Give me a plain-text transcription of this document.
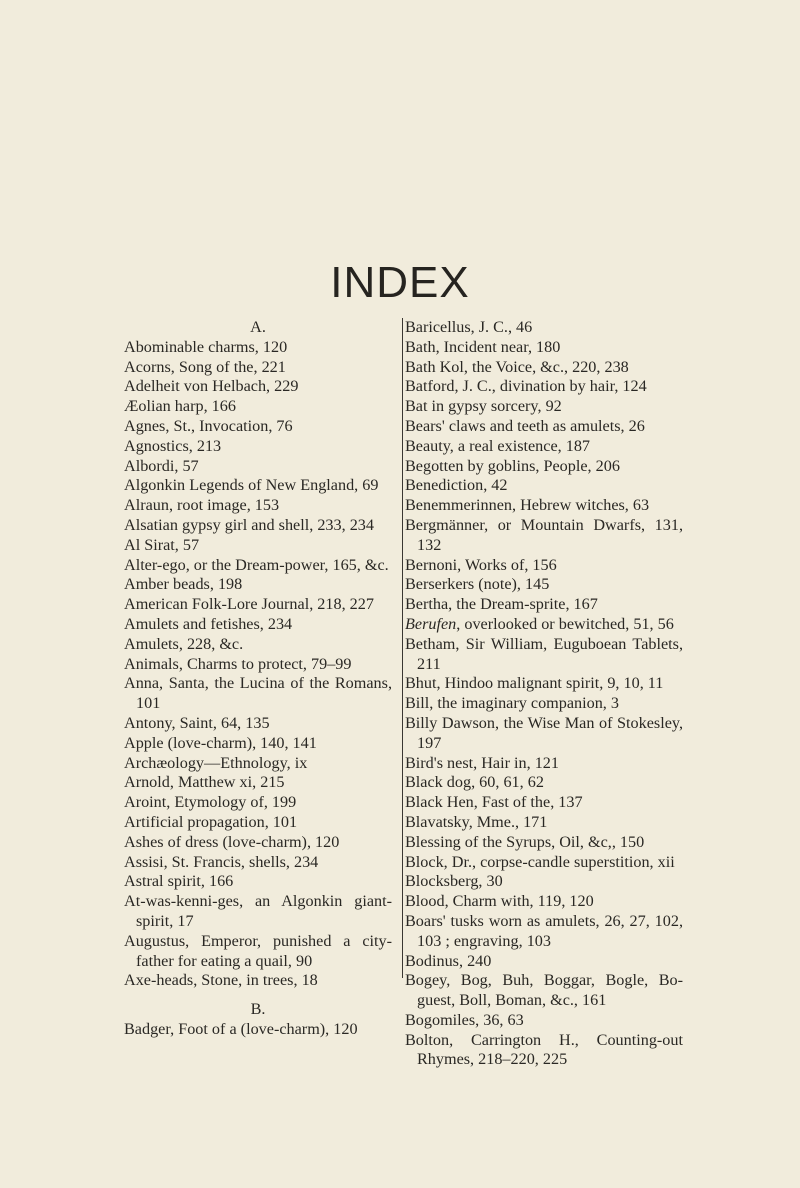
INDEX
A.
Abominable charms, 120
Acorns, Song of the, 221
Adelheit von Helbach, 229
Æolian harp, 166
Agnes, St., Invocation, 76
Agnostics, 213
Albordi, 57
Algonkin Legends of New England, 69
Alraun, root image, 153
Alsatian gypsy girl and shell, 233, 234
Al Sirat, 57
Alter-ego, or the Dream-power, 165, &c.
Amber beads, 198
American Folk-Lore Journal, 218, 227
Amulets and fetishes, 234
Amulets, 228, &c.
Animals, Charms to protect, 79–99
Anna, Santa, the Lucina of the Romans, 101
Antony, Saint, 64, 135
Apple (love-charm), 140, 141
Archæology—Ethnology, ix
Arnold, Matthew xi, 215
Aroint, Etymology of, 199
Artificial propagation, 101
Ashes of dress (love-charm), 120
Assisi, St. Francis, shells, 234
Astral spirit, 166
At-was-kenni-ges, an Algonkin giant-spirit, 17
Augustus, Emperor, punished a city-father for eating a quail, 90
Axe-heads, Stone, in trees, 18
B.
Badger, Foot of a (love-charm), 120
Baricellus, J. C., 46
Bath, Incident near, 180
Bath Kol, the Voice, &c., 220, 238
Batford, J. C., divination by hair, 124
Bat in gypsy sorcery, 92
Bears' claws and teeth as amulets, 26
Beauty, a real existence, 187
Begotten by goblins, People, 206
Benediction, 42
Benemmerinnen, Hebrew witches, 63
Bergmänner, or Mountain Dwarfs, 131, 132
Bernoni, Works of, 156
Berserkers (note), 145
Bertha, the Dream-sprite, 167
Berufen, overlooked or bewitched, 51, 56
Betham, Sir William, Euguboean Tablets, 211
Bhut, Hindoo malignant spirit, 9, 10, 11
Bill, the imaginary companion, 3
Billy Dawson, the Wise Man of Stokesley, 197
Bird's nest, Hair in, 121
Black dog, 60, 61, 62
Black Hen, Fast of the, 137
Blavatsky, Mme., 171
Blessing of the Syrups, Oil, &c,, 150
Block, Dr., corpse-candle superstition, xii
Blocksberg, 30
Blood, Charm with, 119, 120
Boars' tusks worn as amulets, 26, 27, 102, 103 ; engraving, 103
Bodinus, 240
Bogey, Bog, Buh, Boggar, Bogle, Bo-guest, Boll, Boman, &c., 161
Bogomiles, 36, 63
Bolton, Carrington H., Counting-out Rhymes, 218–220, 225
